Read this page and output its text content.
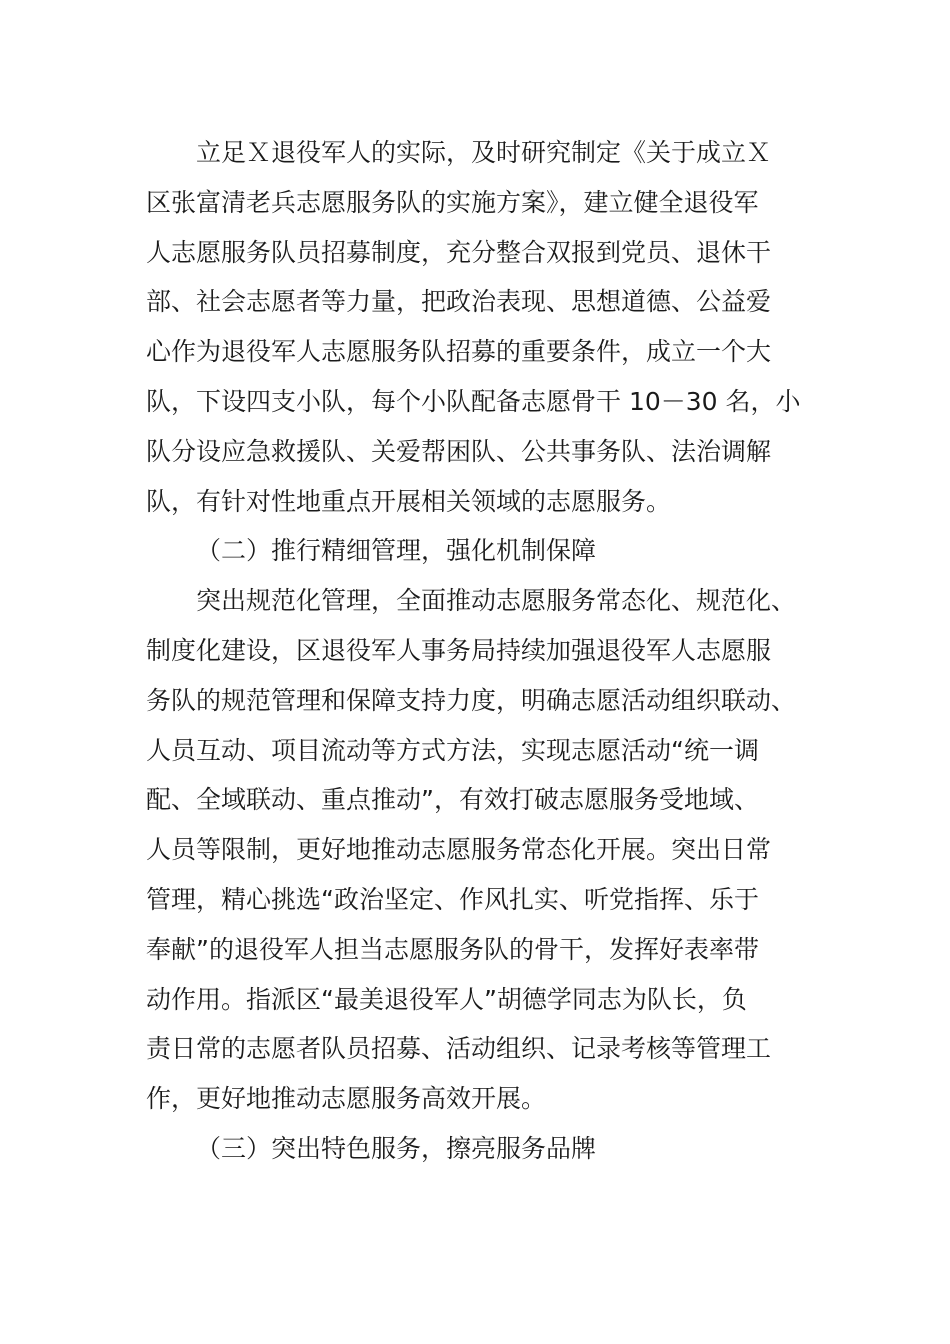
立足Ｘ退役军人的实际，及时研究制定《关于成立Ｘ
区张富清老兵志愿服务队的实施方案》，建立健全退役军
人志愿服务队员招募制度，充分整合双报到党员、退休干
部、社会志愿者等力量，把政治表现、思想道德、公益爱
心作为退役军人志愿服务队招募的重要条件，成立一个大
队，下设四支小队，每个小队配备志愿骨干 10－30 名，小
队分设应急救援队、关爱帮困队、公共事务队、法治调解
队，有针对性地重点开展相关领域的志愿服务。
（二）推行精细管理，强化机制保障
突出规范化管理，全面推动志愿服务常态化、规范化、
制度化建设，区退役军人事务局持续加强退役军人志愿服
务队的规范管理和保障支持力度，明确志愿活动组织联动、
人员互动、项目流动等方式方法，实现志愿活动“统一调
配、全域联动、重点推动”，有效打破志愿服务受地域、
人员等限制，更好地推动志愿服务常态化开展。突出日常
管理，精心挑选“政治坚定、作风扎实、听党指挥、乐于
奉献”的退役军人担当志愿服务队的骨干，发挥好表率带
动作用。指派区“最美退役军人”胡德学同志为队长，负
责日常的志愿者队员招募、活动组织、记录考核等管理工
作，更好地推动志愿服务高效开展。
（三）突出特色服务，擦亮服务品牌
